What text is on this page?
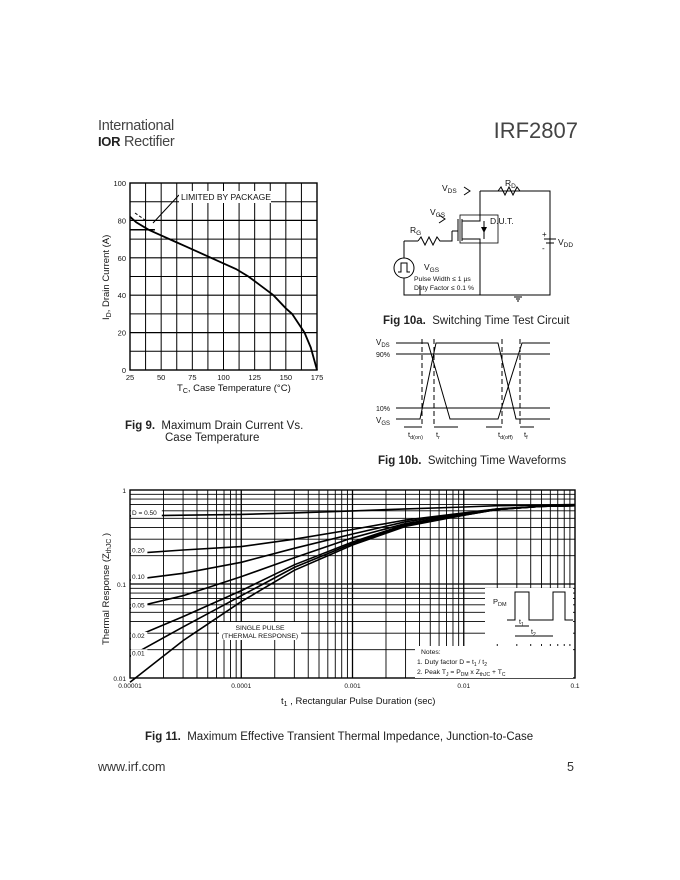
International
IOR Rectifier	IRF2807
25	50	75	100 125 150 175
0
20
40
60
80
100
LIMITED BY PACKAGE
$I_D$, Drain Current (A)
$T_C$, Case Temperature (°C)
Fig 9. Maximum Drain Current Vs.
Case Temperature
$V_{DS}$
$R_D$
$V_{GS}$
$R_G$
D.U.T.
$V_{DD}$
+
-
$V_{GS}$
Pulse Width ≤ 1 µs
Duty Factor ≤ 0.1 %
Fig 10a. Switching Time Test Circuit
$V_{DS}$
90%
10%
$V_{GS}$
$t_{d(on)}$ $t_r$	$t_{d(off)}$ $t_f$
Fig 10b. Switching Time Waveforms
0.00001	0.0001	0.001	0.01	0.1
0.01
0.1
1
D = 0.50
0.20
0.10
0.05
0.02
0.01
SINGLE PULSE
(THERMAL RESPONSE)
$P_{DM}$
$t_1$
$t_2$
Notes:
1. Duty factor $D = t_1 / t_2$
2. Peak $T_J = P_{DM}$ x $Z_{thJC} + T_C$
Thermal Response ($Z_{thJC}$ )
$t_1$ , Rectangular Pulse Duration (sec)
Fig 11. Maximum Effective Transient Thermal Impedance, Junction-to-Case
www.irf.com	5
